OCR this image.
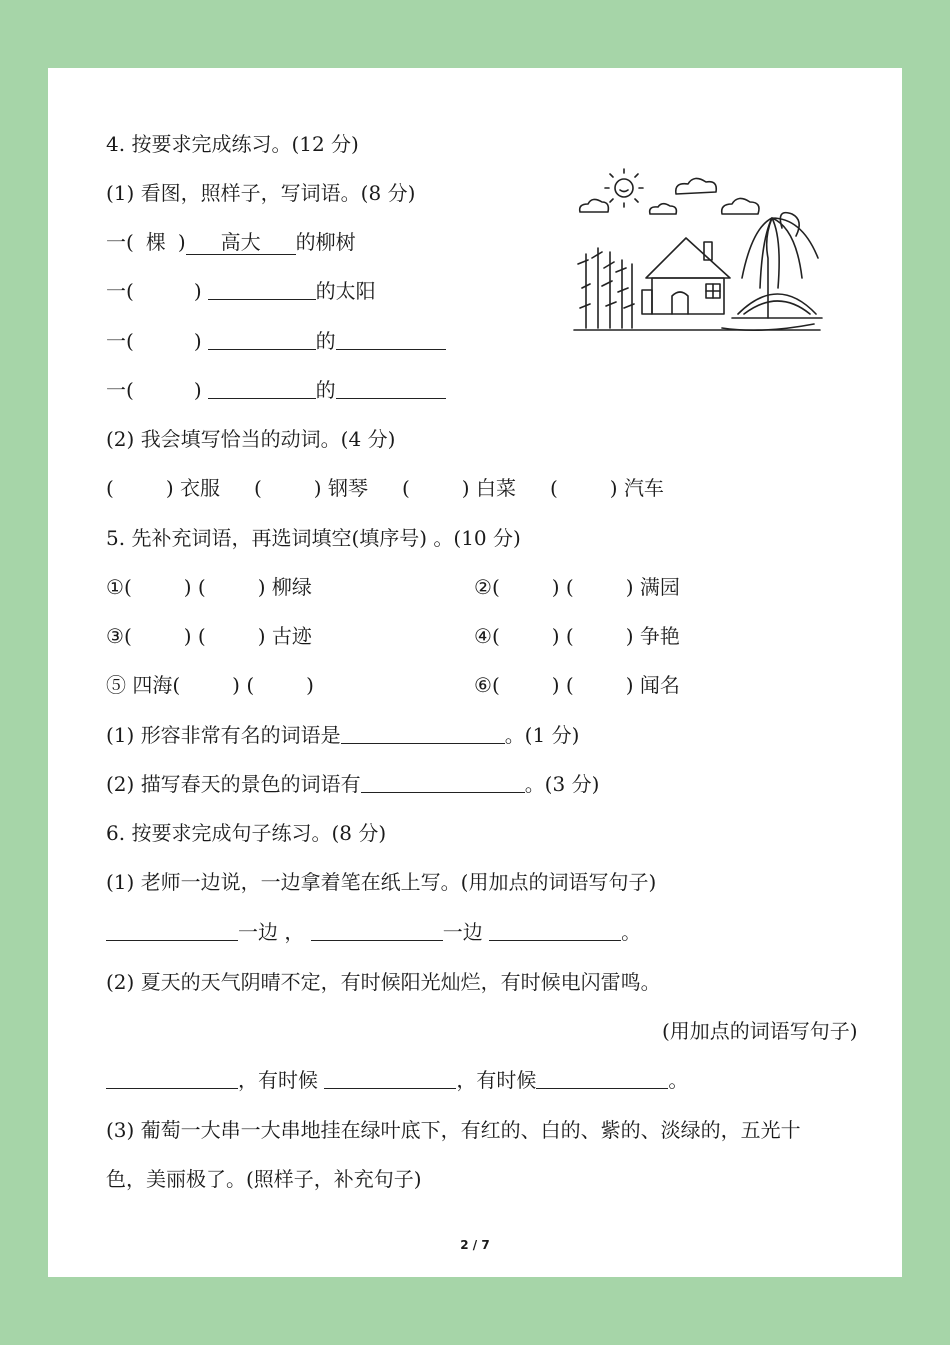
4. 按要求完成练习。(12 分)
(1) 看图，照样子，写词语。(8 分)
一( 棵 ) 高大 的柳树
一(	)	的太阳
一(	)	的
一(	)	的
(2) 我会填写恰当的动词。(4 分)
(	) 衣服 (	) 钢琴 (	) 白菜 (	) 汽车
5. 先补充词语，再选词填空(填序号) 。(10 分)
①(	) (	) 柳绿	②(	) (	) 满园
③(	) (	) 古迹	④(	) (	) 争艳
⑤ 四海(	) (	)	⑥(	) (	) 闻名
(1) 形容非常有名的词语是	。(1 分)
(2) 描写春天的景色的词语有	。(3 分)
6. 按要求完成句子练习。(8 分)
(1) 老师一边说，一边拿着笔在纸上写。(用加点的词语写句子)
一边 ，	一边	。
(2) 夏天的天气阴晴不定，有时候阳光灿烂，有时候电闪雷鸣。
(用加点的词语写句子)
，有时候	，有时候	。
(3) 葡萄一大串一大串地挂在绿叶底下，有红的、白的、紫的、淡绿的，五光十
色，美丽极了。(照样子，补充句子)
2 / 7
